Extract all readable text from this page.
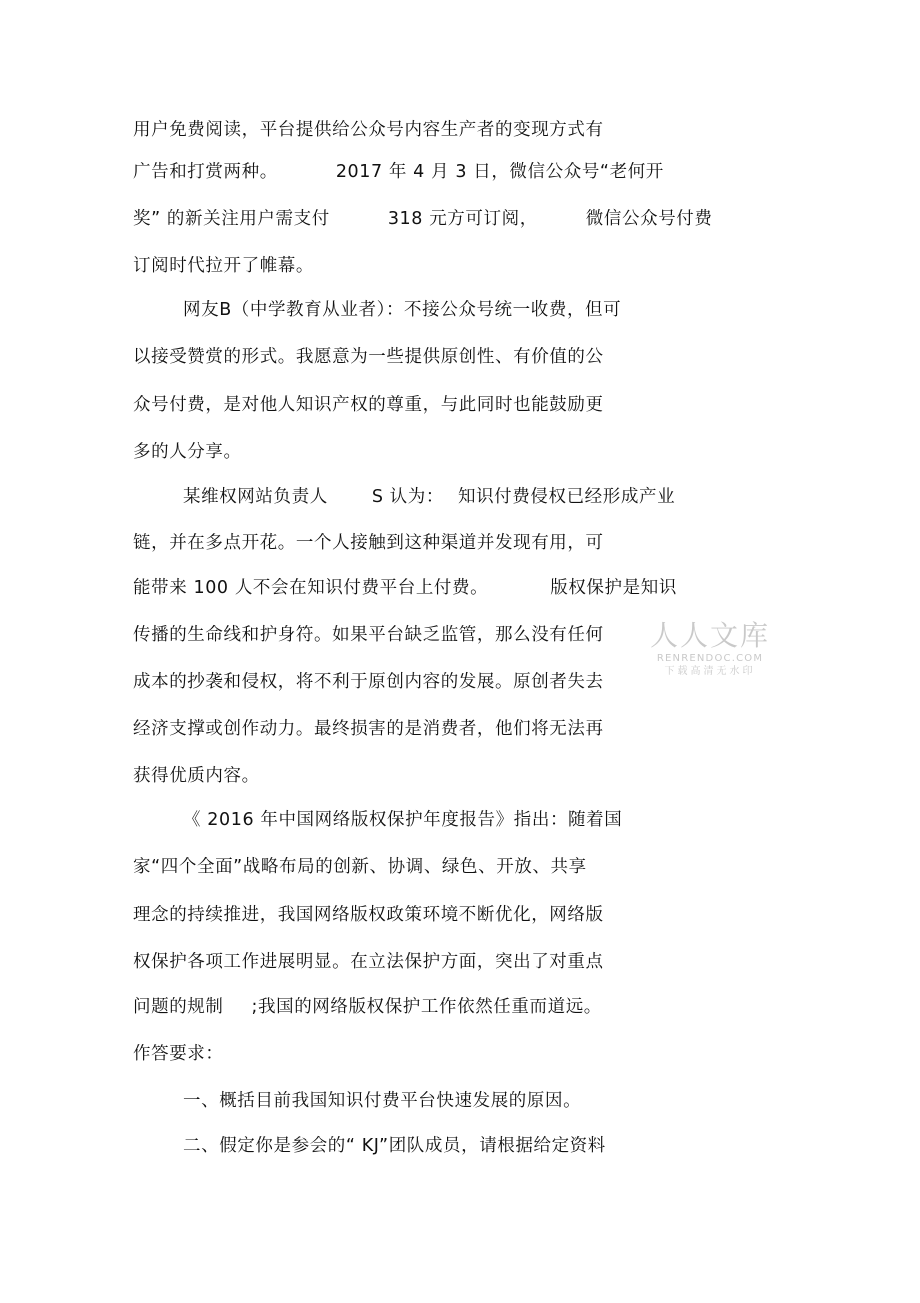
用户免费阅读，平台提供给公众号内容生产者的变现方式有
广告和打赏两种。	2017 年 4 月 3 日，微信公众号“老何开
奖” 的新关注用户需支付	318 元方可订阅，	微信公众号付费
订阅时代拉开了帷幕。
网友B（中学教育从业者）：不接公众号统一收费，但可
以接受赞赏的形式。我愿意为一些提供原创性、有价值的公
众号付费，是对他人知识产权的尊重，与此同时也能鼓励更
多的人分享。
某维权网站负责人	S 认为： 知识付费侵权已经形成产业
链，并在多点开花。一个人接触到这种渠道并发现有用，可
能带来 100 人不会在知识付费平台上付费。	版权保护是知识
传播的生命线和护身符。如果平台缺乏监管，那么没有任何
成本的抄袭和侵权，将不利于原创内容的发展。原创者失去
经济支撑或创作动力。最终损害的是消费者，他们将无法再
获得优质内容。
《 2016 年中国网络版权保护年度报告》指出：随着国
家“四个全面”战略布局的创新、协调、绿色、开放、共享
理念的持续推进，我国网络版权政策环境不断优化，网络版
权保护各项工作进展明显。在立法保护方面，突出了对重点
问题的规制 ;我国的网络版权保护工作依然任重而道远。
作答要求：
一、概括目前我国知识付费平台快速发展的原因。
二、假定你是参会的“ KJ”团队成员，请根据给定资料
人人文库
RENRENDOC.COM
下载高清无水印
